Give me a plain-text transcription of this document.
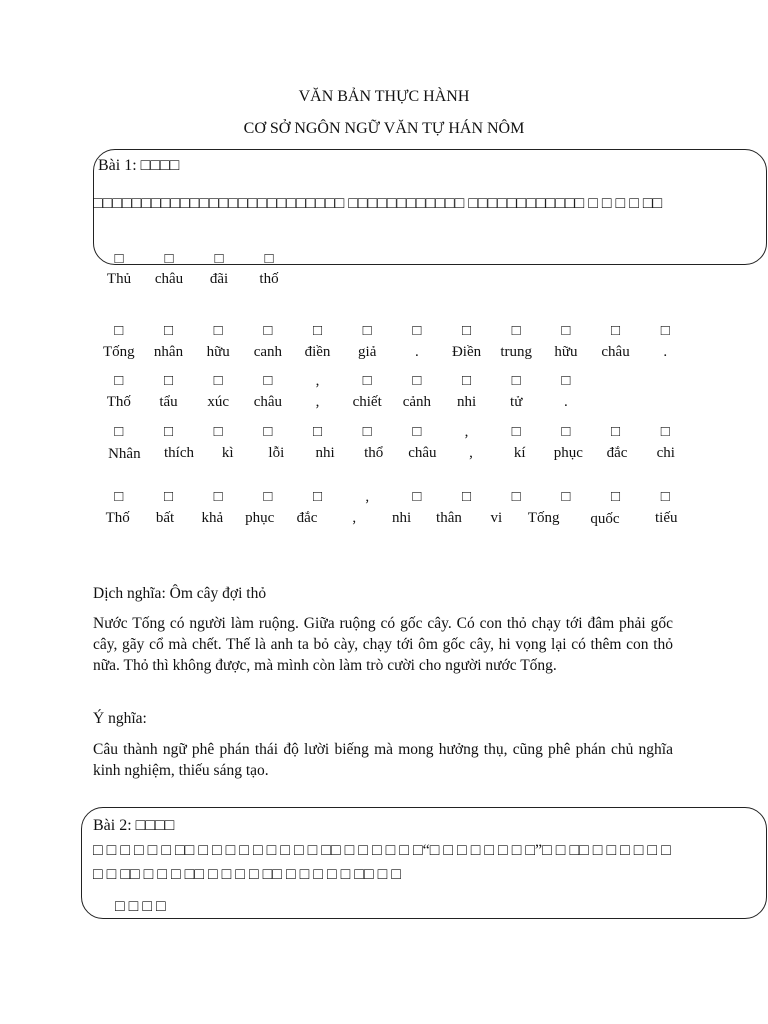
VĂN BẢN THỰC HÀNH
CƠ SỞ NGÔN NGỮ VĂN TỰ HÁN NÔM
Bài 1: □□□□
□□□□□□□□□□□□□□□□□□□□□□□□□□ □□□□□□□□□□□□ □□□□□□□□□□□□ □ □ □ □ □□
□	□	□	□
Thủ	châu	đãi	thố
□	□	□	□	□	□	□	□	□	□	□	□
Tống	nhân	hữu	canh	điền	giả	.	Điền	trung	hữu	châu	.
□	□	□	□	,	□	□	□	□	□
Thố	tẩu	xúc	châu	,	chiết	cảnh	nhi	tử	.
□	□	□	□	□	□	□	,	□	□	□	□
Nhân	thích	kì	lỗi	nhi	thổ	châu	,	kí	phục	đắc	chi
□	□	□	□	□	,	□	□	□	□	□	□
Thố	bất	khả	phục	đắc	,	nhi	thân	vi	Tống	quốc	tiếu
Dịch nghĩa: Ôm cây đợi thỏ
Nước Tống có người làm ruộng. Giữa ruộng có gốc cây. Có con thỏ chạy tới đâm phải gốc cây, gãy cổ mà chết. Thế là anh ta bỏ cày, chạy tới ôm gốc cây, hi vọng lại có thêm con thỏ nữa. Thỏ thì không được, mà mình còn làm trò cười cho người nước Tống.
Ý nghĩa:
Câu thành ngữ phê phán thái độ lười biếng mà mong hưởng thụ, cũng phê phán chủ nghĩa kinh nghiệm, thiếu sáng tạo.
Bài 2: □□□□
□ □ □ □ □ □ □□ □ □ □ □ □ □ □ □ □ □□ □ □ □ □ □ □“□ □ □ □ □ □ □ □”□ □ □□ □ □ □ □ □ □
□ □ □□ □ □ □ □□ □ □ □ □ □□ □ □ □ □ □ □□ □ □
□ □ □ □
